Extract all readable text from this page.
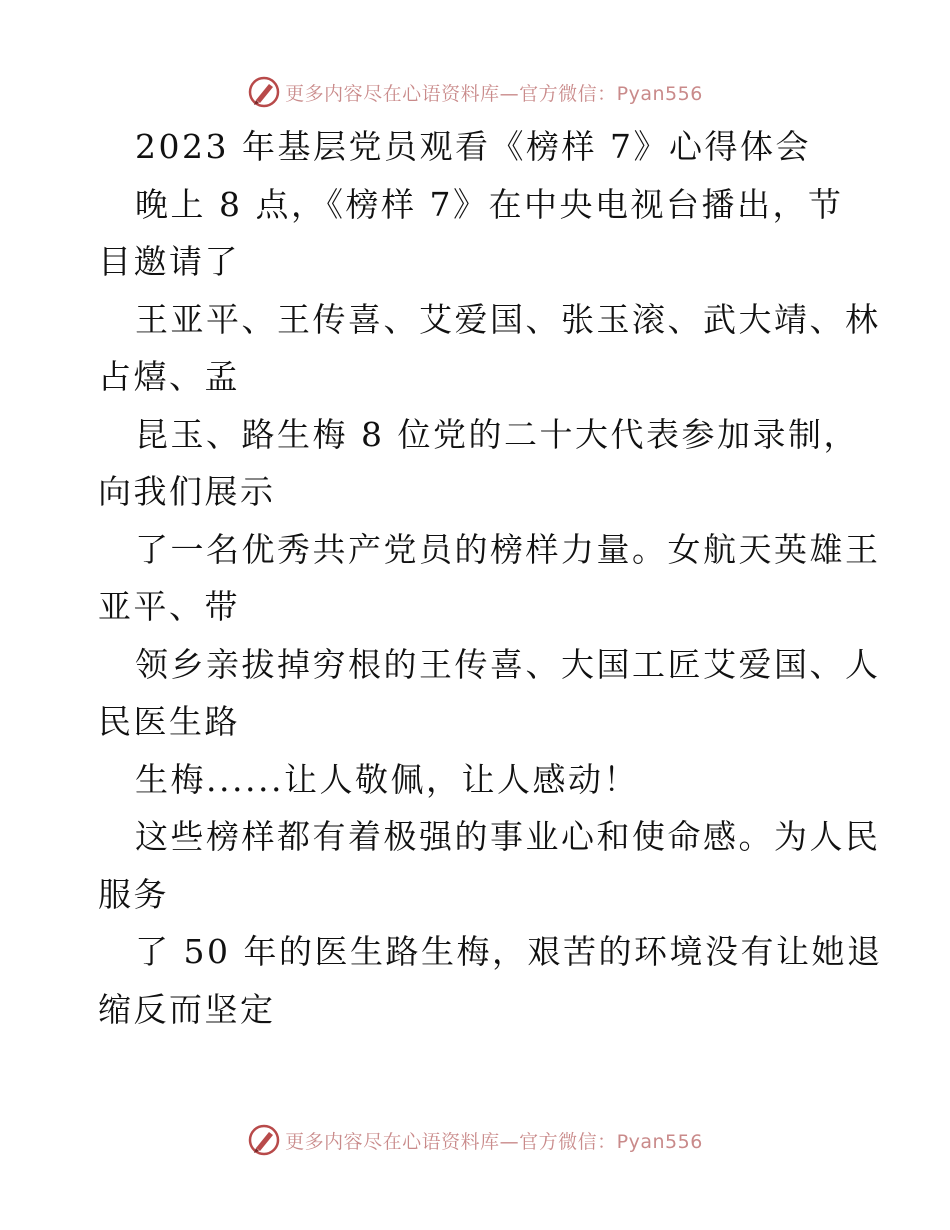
更多内容尽在心语资料库—官方微信：Pyan556
2023 年基层党员观看《榜样 7》心得体会
晚上 8 点，《榜样 7》在中央电视台播出，节
目邀请了
王亚平、王传喜、艾爱国、张玉滚、武大靖、林
占熺、孟
昆玉、路生梅 8 位党的二十大代表参加录制，
向我们展示
了一名优秀共产党员的榜样力量。女航天英雄王
亚平、带
领乡亲拔掉穷根的王传喜、大国工匠艾爱国、人
民医生路
生梅......让人敬佩，让人感动！
这些榜样都有着极强的事业心和使命感。为人民
服务
了 50 年的医生路生梅，艰苦的环境没有让她退
缩反而坚定
更多内容尽在心语资料库—官方微信：Pyan556
